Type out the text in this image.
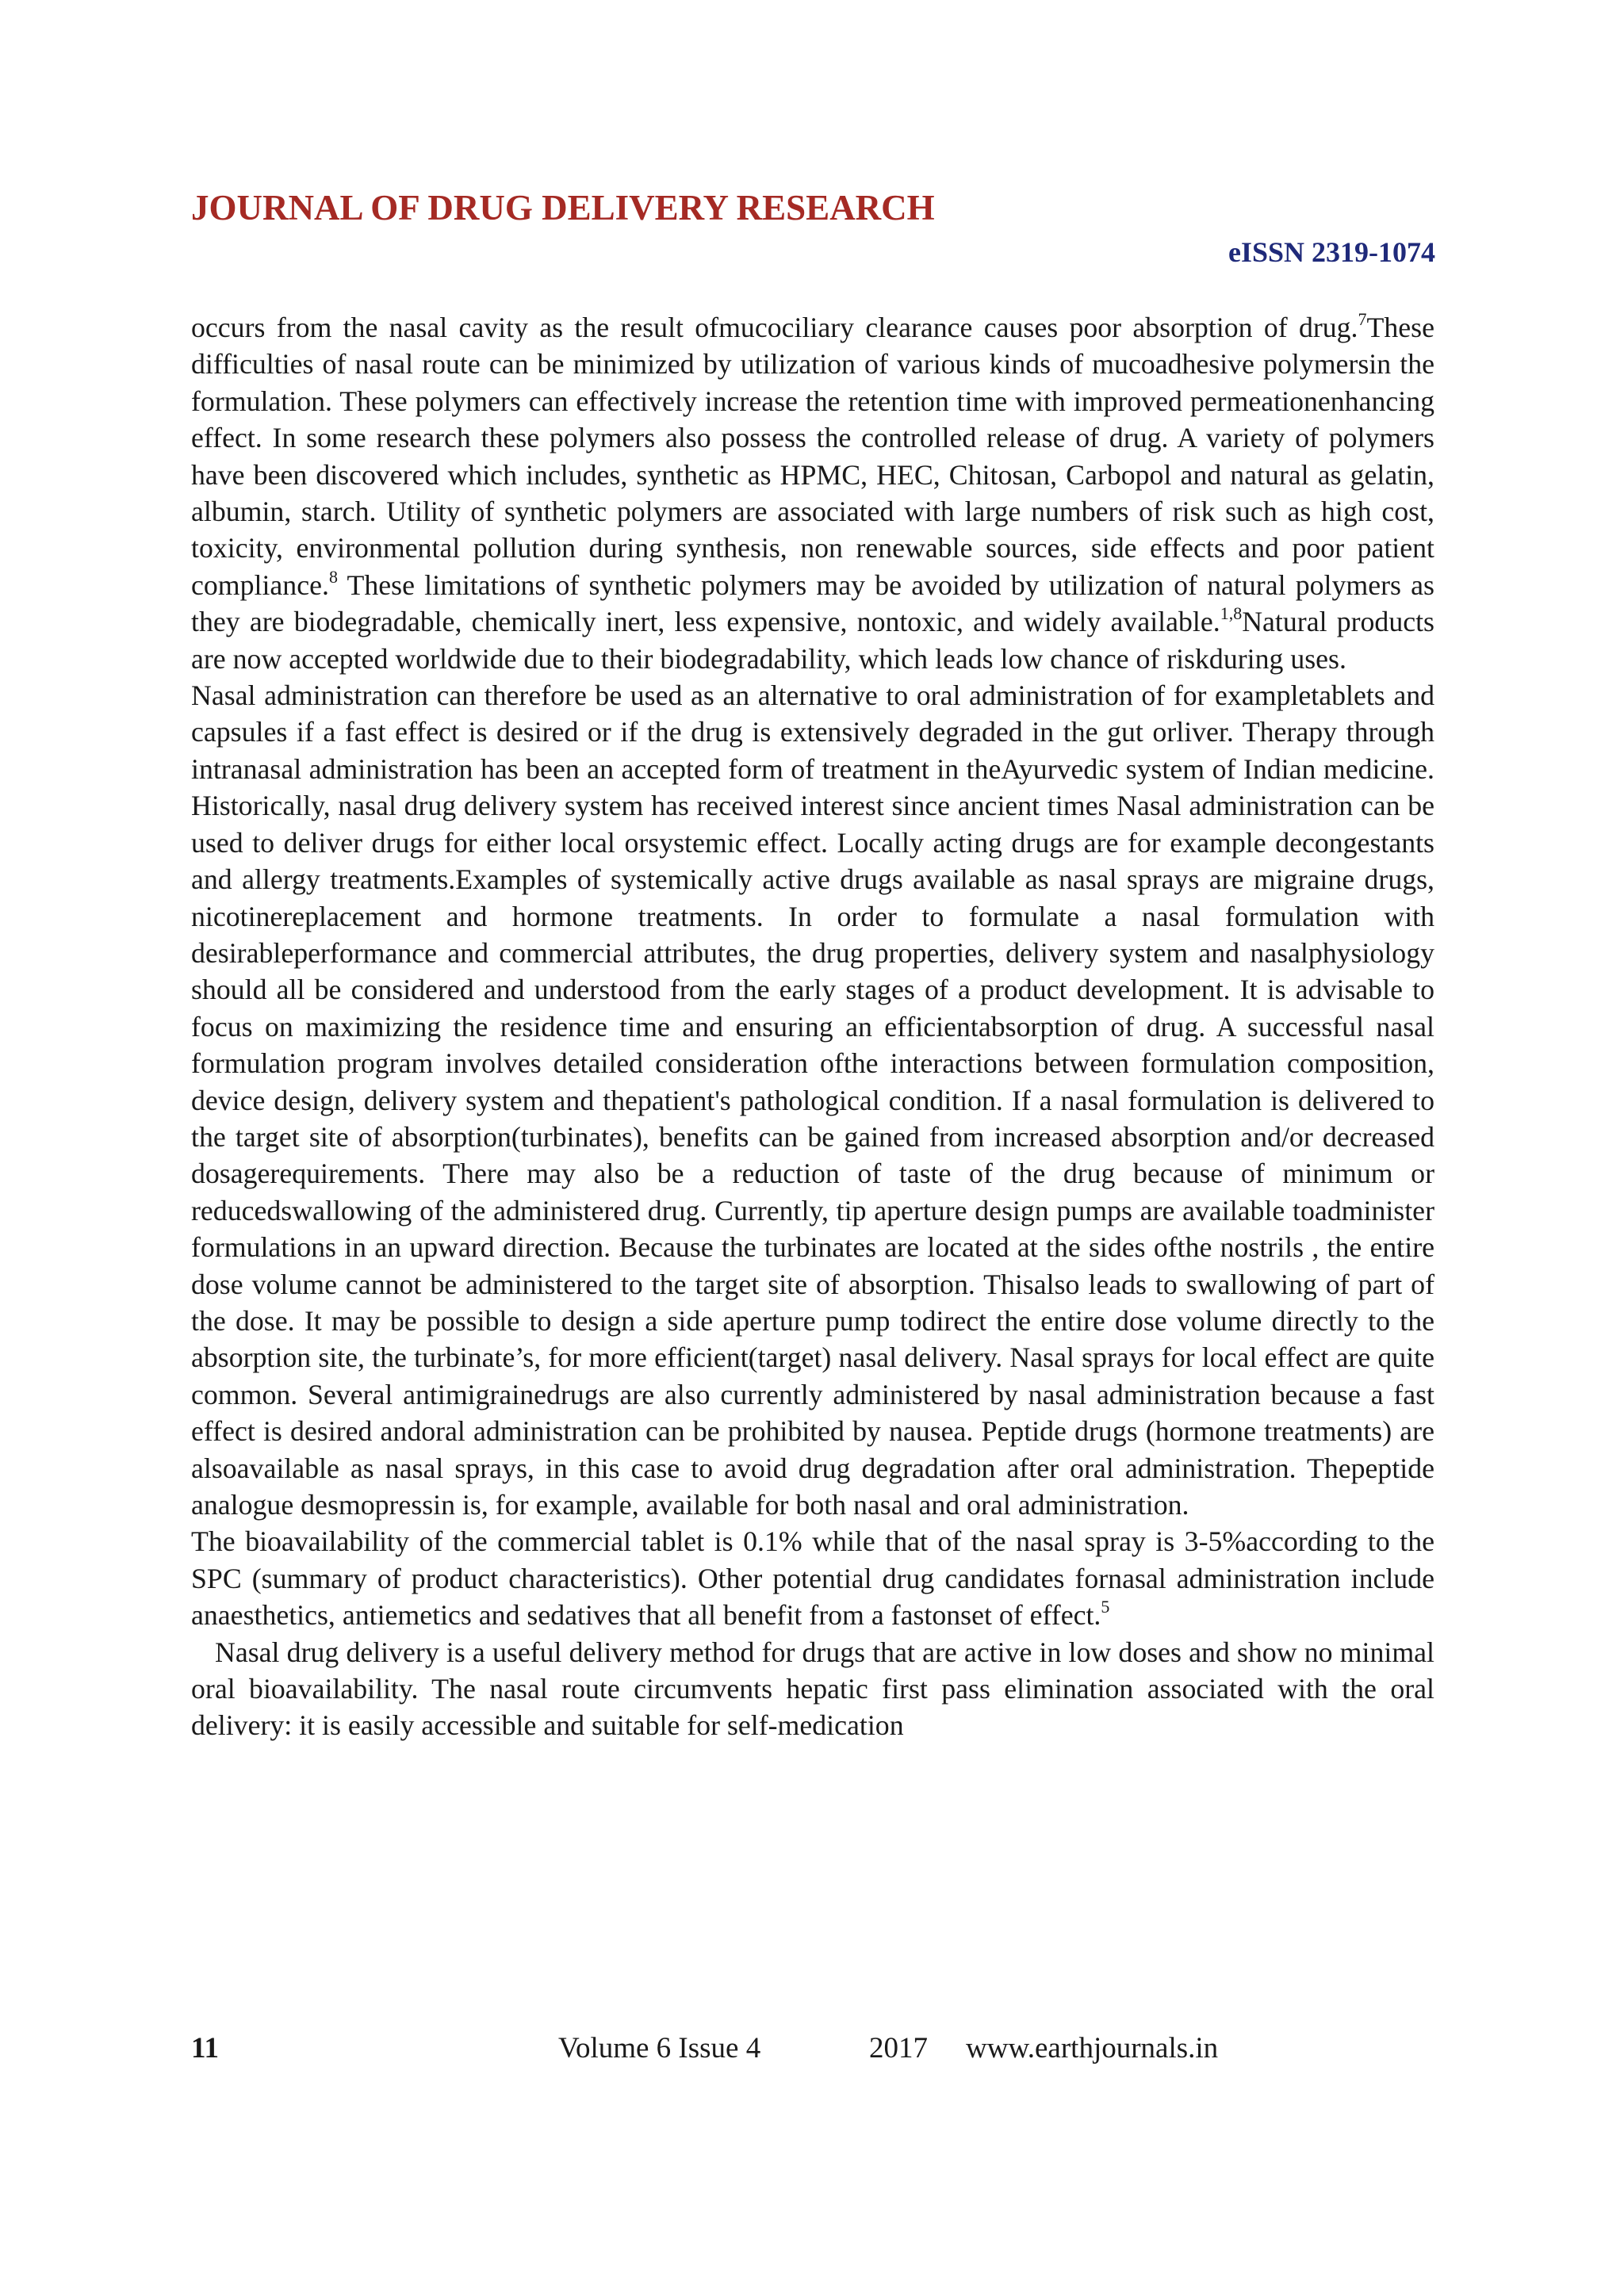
JOURNAL OF DRUG DELIVERY RESEARCH
eISSN 2319-1074

occurs from the nasal cavity as the result ofmucociliary clearance causes poor absorption of drug.$^7$These difficulties of nasal route can be minimized by utilization of various kinds of mucoadhesive polymersin the formulation. These polymers can effectively increase the retention time with improved permeationenhancing effect. In some research these polymers also possess the controlled release of drug. A variety of polymers have been discovered which includes, synthetic as HPMC, HEC, Chitosan, Carbopol and natural as gelatin, albumin, starch. Utility of synthetic polymers are associated with large numbers of risk such as high cost, toxicity, environmental pollution during synthesis, non renewable sources, side effects and poor patient compliance.$^8$ These limitations of synthetic polymers may be avoided by utilization of natural polymers as they are biodegradable, chemically inert, less expensive, nontoxic, and widely available.$^{1,8}$Natural products are now accepted worldwide due to their biodegradability, which leads low chance of riskduring uses.

Nasal administration can therefore be used as an alternative to oral administration of for exampletablets and capsules if a fast effect is desired or if the drug is extensively degraded in the gut orliver. Therapy through intranasal administration has been an accepted form of treatment in theAyurvedic system of Indian medicine. Historically, nasal drug delivery system has received interest since ancient times Nasal administration can be used to deliver drugs for either local orsystemic effect. Locally acting drugs are for example decongestants and allergy treatments.Examples of systemically active drugs available as nasal sprays are migraine drugs, nicotinereplacement and hormone treatments. In order to formulate a nasal formulation with desirableperformance and commercial attributes, the drug properties, delivery system and nasalphysiology should all be considered and understood from the early stages of a product development. It is advisable to focus on maximizing the residence time and ensuring an efficientabsorption of drug. A successful nasal formulation program involves detailed consideration ofthe interactions between formulation composition, device design, delivery system and thepatient's pathological condition. If a nasal formulation is delivered to the target site of absorption(turbinates), benefits can be gained from increased absorption and/or decreased dosagerequirements. There may also be a reduction of taste of the drug because of minimum or reducedswallowing of the administered drug. Currently, tip aperture design pumps are available toadminister formulations in an upward direction. Because the turbinates are located at the sides ofthe nostrils , the entire dose volume cannot be administered to the target site of absorption. Thisalso leads to swallowing of part of the dose. It may be possible to design a side aperture pump todirect the entire dose volume directly to the absorption site, the turbinate’s, for more efficient(target) nasal delivery. Nasal sprays for local effect are quite common. Several antimigrainedrugs are also currently administered by nasal administration because a fast effect is desired andoral administration can be prohibited by nausea. Peptide drugs (hormone treatments) are alsoavailable as nasal sprays, in this case to avoid drug degradation after oral administration. Thepeptide analogue desmopressin is, for example, available for both nasal and oral administration.

The bioavailability of the commercial tablet is 0.1% while that of the nasal spray is 3-5%according to the SPC (summary of product characteristics). Other potential drug candidates fornasal administration include anaesthetics, antiemetics and sedatives that all benefit from a fastonset of effect.$^5$

Nasal drug delivery is a useful delivery method for drugs that are active in low doses and show no minimal oral bioavailability. The nasal route circumvents hepatic first pass elimination associated with the oral delivery: it is easily accessible and suitable for self-medication

11	Volume 6 Issue 4	2017 www.earthjournals.in
